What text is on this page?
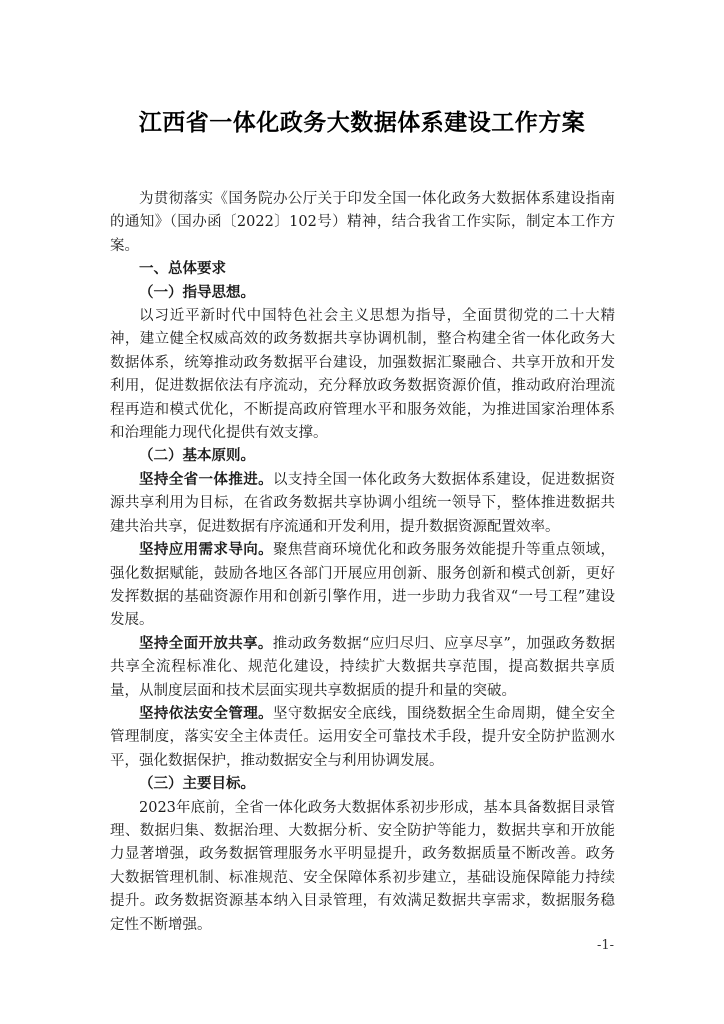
江西省一体化政务大数据体系建设工作方案

为贯彻落实《国务院办公厅关于印发全国一体化政务大数据体系建设指南的通知》（国办函〔2022〕102号）精神，结合我省工作实际，制定本工作方案。

一、总体要求

（一）指导思想。

以习近平新时代中国特色社会主义思想为指导，全面贯彻党的二十大精神，建立健全权威高效的政务数据共享协调机制，整合构建全省一体化政务大数据体系，统筹推动政务数据平台建设，加强数据汇聚融合、共享开放和开发利用，促进数据依法有序流动，充分释放政务数据资源价值，推动政府治理流程再造和模式优化，不断提高政府管理水平和服务效能，为推进国家治理体系和治理能力现代化提供有效支撑。

（二）基本原则。

坚持全省一体推进。以支持全国一体化政务大数据体系建设，促进数据资源共享利用为目标，在省政务数据共享协调小组统一领导下，整体推进数据共建共治共享，促进数据有序流通和开发利用，提升数据资源配置效率。

坚持应用需求导向。聚焦营商环境优化和政务服务效能提升等重点领域，强化数据赋能，鼓励各地区各部门开展应用创新、服务创新和模式创新，更好发挥数据的基础资源作用和创新引擎作用，进一步助力我省双“一号工程”建设发展。

坚持全面开放共享。推动政务数据“应归尽归、应享尽享”，加强政务数据共享全流程标准化、规范化建设，持续扩大数据共享范围，提高数据共享质量，从制度层面和技术层面实现共享数据质的提升和量的突破。

坚持依法安全管理。坚守数据安全底线，围绕数据全生命周期，健全安全管理制度，落实安全主体责任。运用安全可靠技术手段，提升安全防护监测水平，强化数据保护，推动数据安全与利用协调发展。

（三）主要目标。

2023年底前，全省一体化政务大数据体系初步形成，基本具备数据目录管理、数据归集、数据治理、大数据分析、安全防护等能力，数据共享和开放能力显著增强，政务数据管理服务水平明显提升，政务数据质量不断改善。政务大数据管理机制、标准规范、安全保障体系初步建立，基础设施保障能力持续提升。政务数据资源基本纳入目录管理，有效满足数据共享需求，数据服务稳定性不断增强。

-1-
